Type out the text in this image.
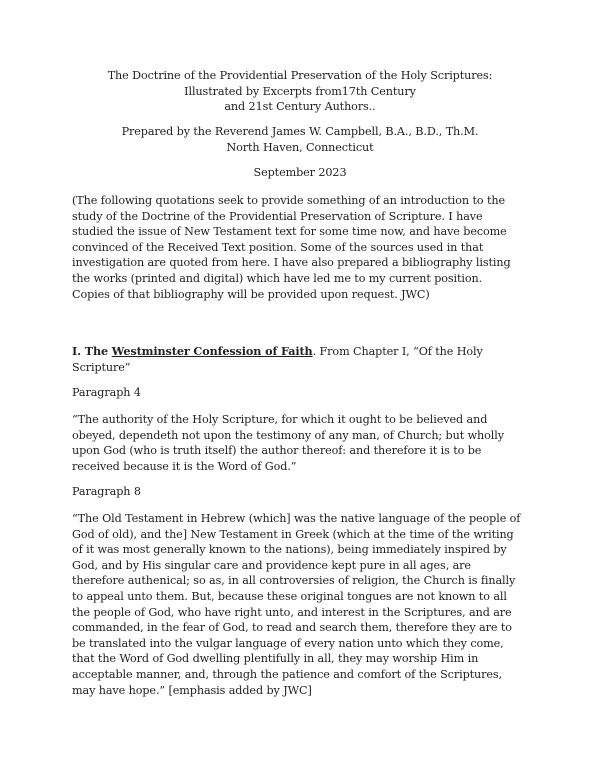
The Doctrine of the Providential Preservation of the Holy Scriptures:
Illustrated by Excerpts from17th Century
and 21st Century Authors..
Prepared by the Reverend James W. Campbell, B.A., B.D., Th.M.
North Haven, Connecticut
September 2023
(The following quotations seek to provide something of an introduction to the
study of the Doctrine of the Providential Preservation of Scripture. I have
studied the issue of New Testament text for some time now, and have become
convinced of the Received Text position. Some of the sources used in that
investigation are quoted from here. I have also prepared a bibliography listing
the works (printed and digital) which have led me to my current position.
Copies of that bibliography will be provided upon request. JWC)
I. The Westminster Confession of Faith. From Chapter I, “Of the Holy
Scripture”
Paragraph 4
“The authority of the Holy Scripture, for which it ought to be believed and
obeyed, dependeth not upon the testimony of any man, of Church; but wholly
upon God (who is truth itself) the author thereof: and therefore it is to be
received because it is the Word of God.”
Paragraph 8
“The Old Testament in Hebrew (which] was the native language of the people of
God of old), and the] New Testament in Greek (which at the time of the writing
of it was most generally known to the nations), being immediately inspired by
God, and by His singular care and providence kept pure in all ages, are
therefore authenical; so as, in all controversies of religion, the Church is finally
to appeal unto them. But, because these original tongues are not known to all
the people of God, who have right unto, and interest in the Scriptures, and are
commanded, in the fear of God, to read and search them, therefore they are to
be translated into the vulgar language of every nation unto which they come,
that the Word of God dwelling plentifully in all, they may worship Him in
acceptable manner, and, through the patience and comfort of the Scriptures,
may have hope.” [emphasis added by JWC]
